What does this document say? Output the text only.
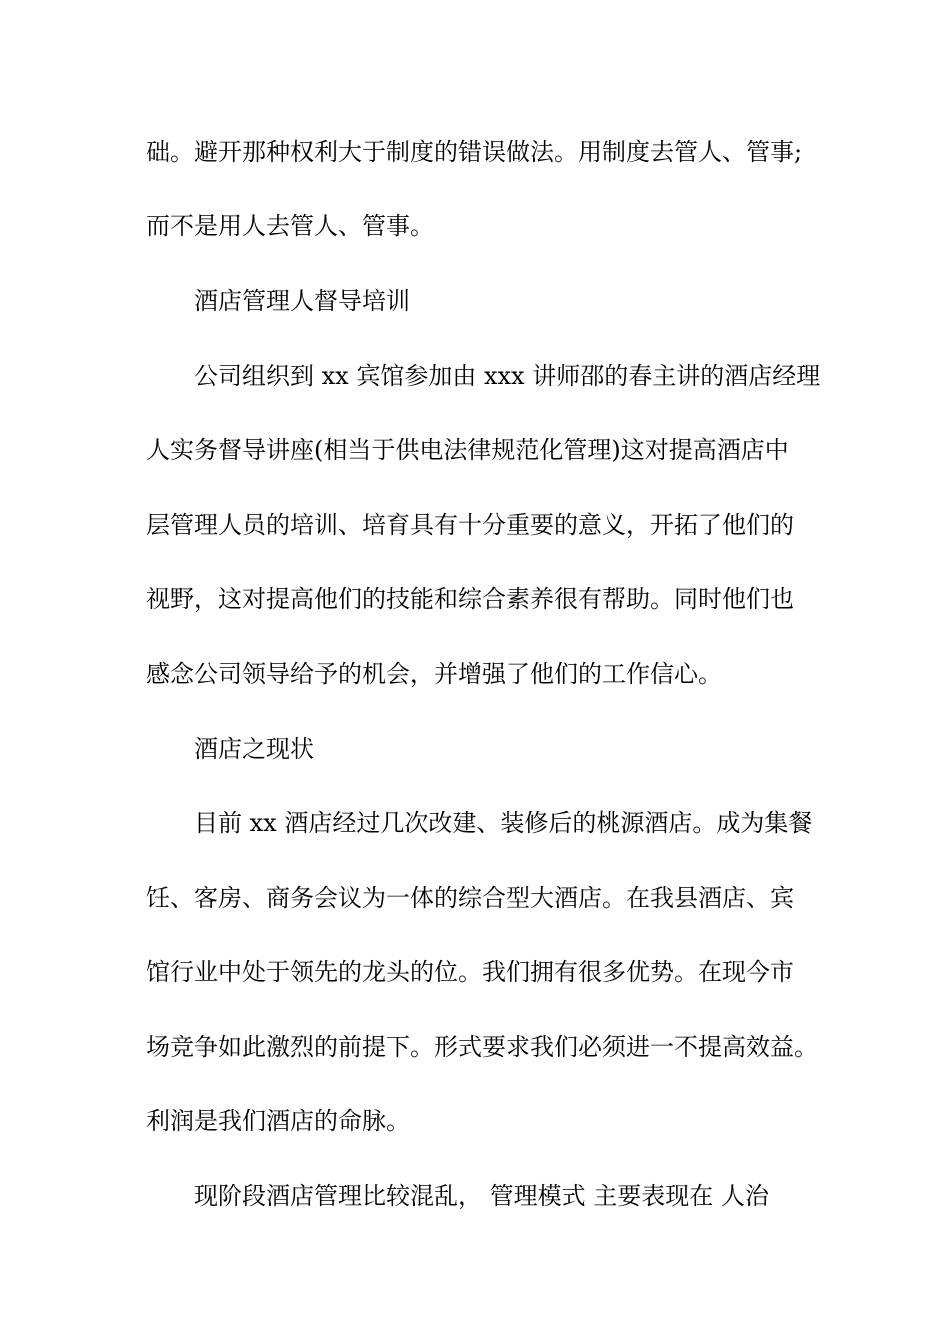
础。避开那种权利大于制度的错误做法。用制度去管人、管事;
而不是用人去管人、管事。
酒店管理人督导培训
公司组织到 xx 宾馆参加由 xxx 讲师邵的春主讲的酒店经理
人实务督导讲座(相当于供电法律规范化管理)这对提高酒店中
层管理人员的培训、培育具有十分重要的意义，开拓了他们的
视野，这对提高他们的技能和综合素养很有帮助。同时他们也
感念公司领导给予的机会，并增强了他们的工作信心。
酒店之现状
目前 xx 酒店经过几次改建、装修后的桃源酒店。成为集餐
饪、客房、商务会议为一体的综合型大酒店。在我县酒店、宾
馆行业中处于领先的龙头的位。我们拥有很多优势。在现今市
场竞争如此激烈的前提下。形式要求我们必须进一不提高效益。
利润是我们酒店的命脉。
现阶段酒店管理比较混乱， 管理模式 主要表现在 人治
